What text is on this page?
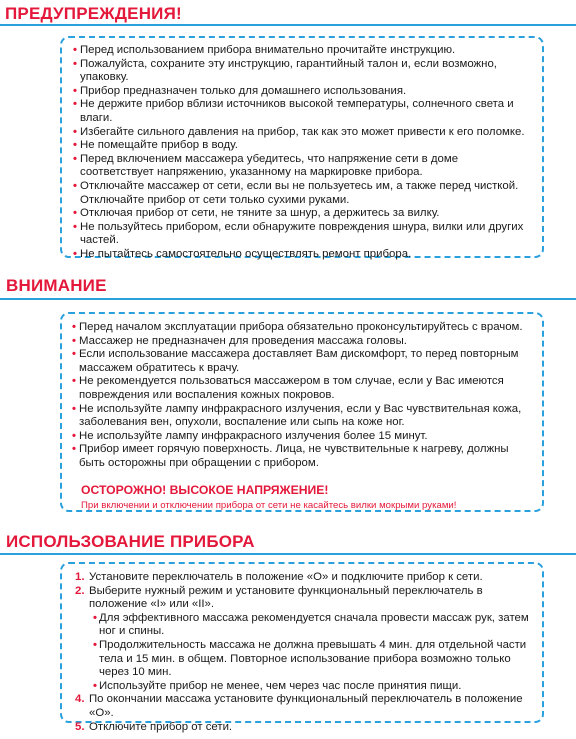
ПРЕДУПРЕЖДЕНИЯ!
• Перед использованием прибора внимательно прочитайте инструкцию.
• Пожалуйста, сохраните эту инструкцию, гарантийный талон и, если возможно, упаковку.
• Прибор предназначен только для домашнего использования.
• Не держите прибор вблизи источников высокой температуры, солнечного света и влаги.
• Избегайте сильного давления на прибор, так как это может привести к его поломке.
• Не помещайте прибор в воду.
• Перед включением массажера убедитесь, что напряжение сети в доме соответствует напряжению, указанному на маркировке прибора.
• Отключайте массажер от сети, если вы не пользуетесь им, а также перед чисткой. Отключайте прибор от сети только сухими руками.
• Отключая прибор от сети, не тяните за шнур, а держитесь за вилку.
• Не пользуйтесь прибором, если обнаружите повреждения шнура, вилки или других частей.
• Не пытайтесь самостоятельно осуществлять ремонт прибора.
ВНИМАНИЕ
• Перед началом эксплуатации прибора обязательно проконсультируйтесь с врачом.
• Массажер не предназначен для проведения массажа головы.
• Если использование массажера доставляет Вам дискомфорт, то перед повторным массажем обратитесь к врачу.
• Не рекомендуется пользоваться массажером в том случае, если у Вас имеются повреждения или воспаления кожных покровов.
• Не используйте лампу инфракрасного излучения, если у Вас чувствительная кожа, заболевания вен, опухоли, воспаление или сыпь на коже ног.
• Не используйте лампу инфракрасного излучения более 15 минут.
• Прибор имеет горячую поверхность. Лица, не чувствительные к нагреву, должны быть осторожны при обращении с прибором.

ОСТОРОЖНО! ВЫСОКОЕ НАПРЯЖЕНИЕ!

При включении и отключении прибора от сети не касайтесь вилки мокрыми руками!

ИСПОЛЬЗОВАНИЕ ПРИБОРА
1. Установите переключатель в положение «O» и подключите прибор к сети.
2. Выберите нужный режим и установите функциональный переключатель в положение «I» или «II».
• Для эффективного массажа рекомендуется сначала провести массаж рук, затем ног и спины.
• Продолжительность массажа не должна превышать 4 мин. для отдельной части тела и 15 мин. в общем. Повторное использование прибора возможно только через 10 мин.
• Используйте прибор не менее, чем через час после принятия пищи.
4. По окончании массажа установите функциональный переключатель в положение «O».
5. Отключите прибор от сети.
